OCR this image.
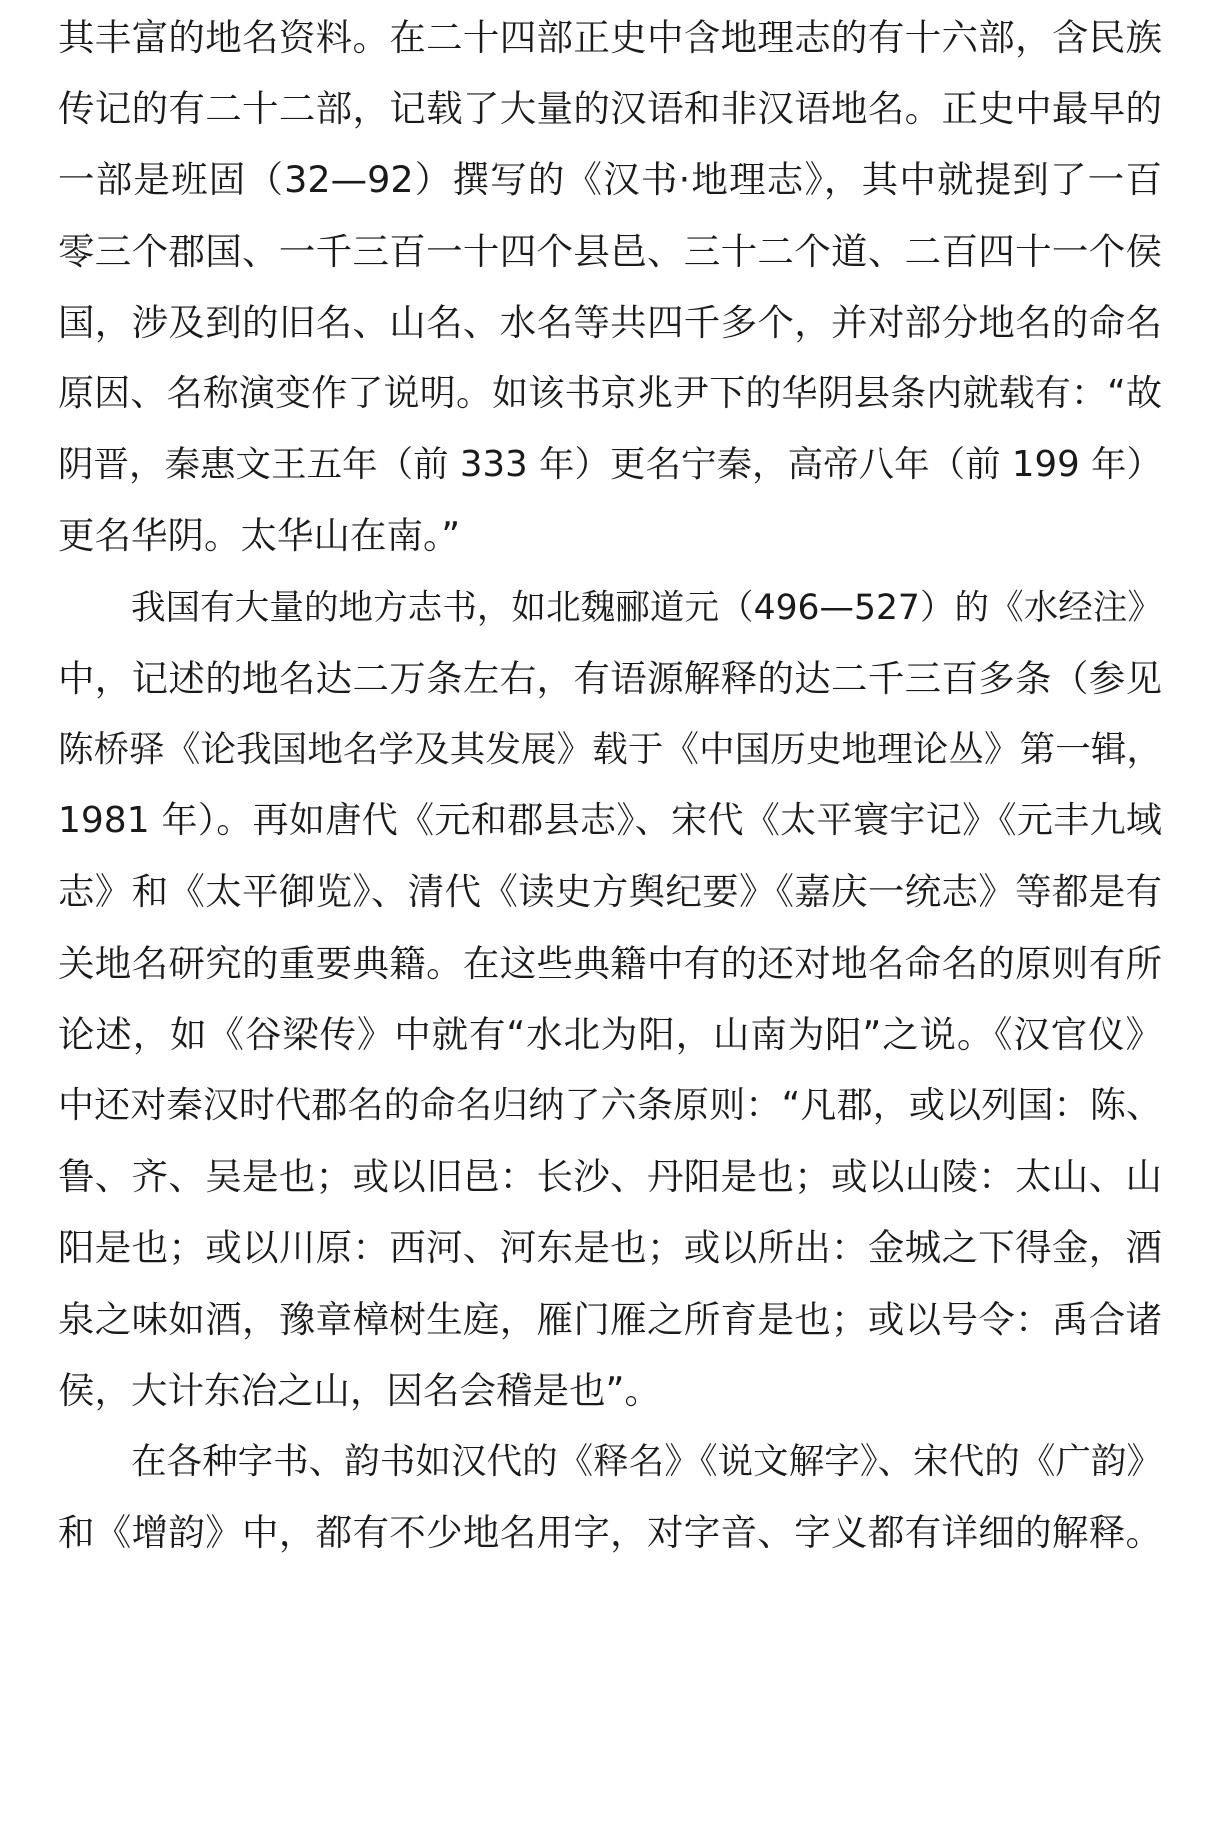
其丰富的地名资料。在二十四部正史中含地理志的有十六部，含民族
传记的有二十二部，记载了大量的汉语和非汉语地名。正史中最早的
一部是班固（32—92）撰写的《汉书·地理志》，其中就提到了一百
零三个郡国、一千三百一十四个县邑、三十二个道、二百四十一个侯
国，涉及到的旧名、山名、水名等共四千多个，并对部分地名的命名
原因、名称演变作了说明。如该书京兆尹下的华阴县条内就载有：“故
阴晋，秦惠文王五年（前 333 年）更名宁秦，高帝八年（前 199 年）
更名华阴。太华山在南。”
我国有大量的地方志书，如北魏郦道元（496—527）的《水经注》
中，记述的地名达二万条左右，有语源解释的达二千三百多条（参见
陈桥驿《论我国地名学及其发展》载于《中国历史地理论丛》第一辑，
1981 年）。再如唐代《元和郡县志》、宋代《太平寰宇记》《元丰九域
志》和《太平御览》、清代《读史方舆纪要》《嘉庆一统志》等都是有
关地名研究的重要典籍。在这些典籍中有的还对地名命名的原则有所
论述，如《谷梁传》中就有“水北为阳，山南为阳”之说。《汉官仪》
中还对秦汉时代郡名的命名归纳了六条原则：“凡郡，或以列国：陈、
鲁、齐、吴是也；或以旧邑：长沙、丹阳是也；或以山陵：太山、山
阳是也；或以川原：西河、河东是也；或以所出：金城之下得金，酒
泉之味如酒，豫章樟树生庭，雁门雁之所育是也；或以号令：禹合诸
侯，大计东冶之山，因名会稽是也”。
在各种字书、韵书如汉代的《释名》《说文解字》、宋代的《广韵》
和《增韵》中，都有不少地名用字，对字音、字义都有详细的解释。
